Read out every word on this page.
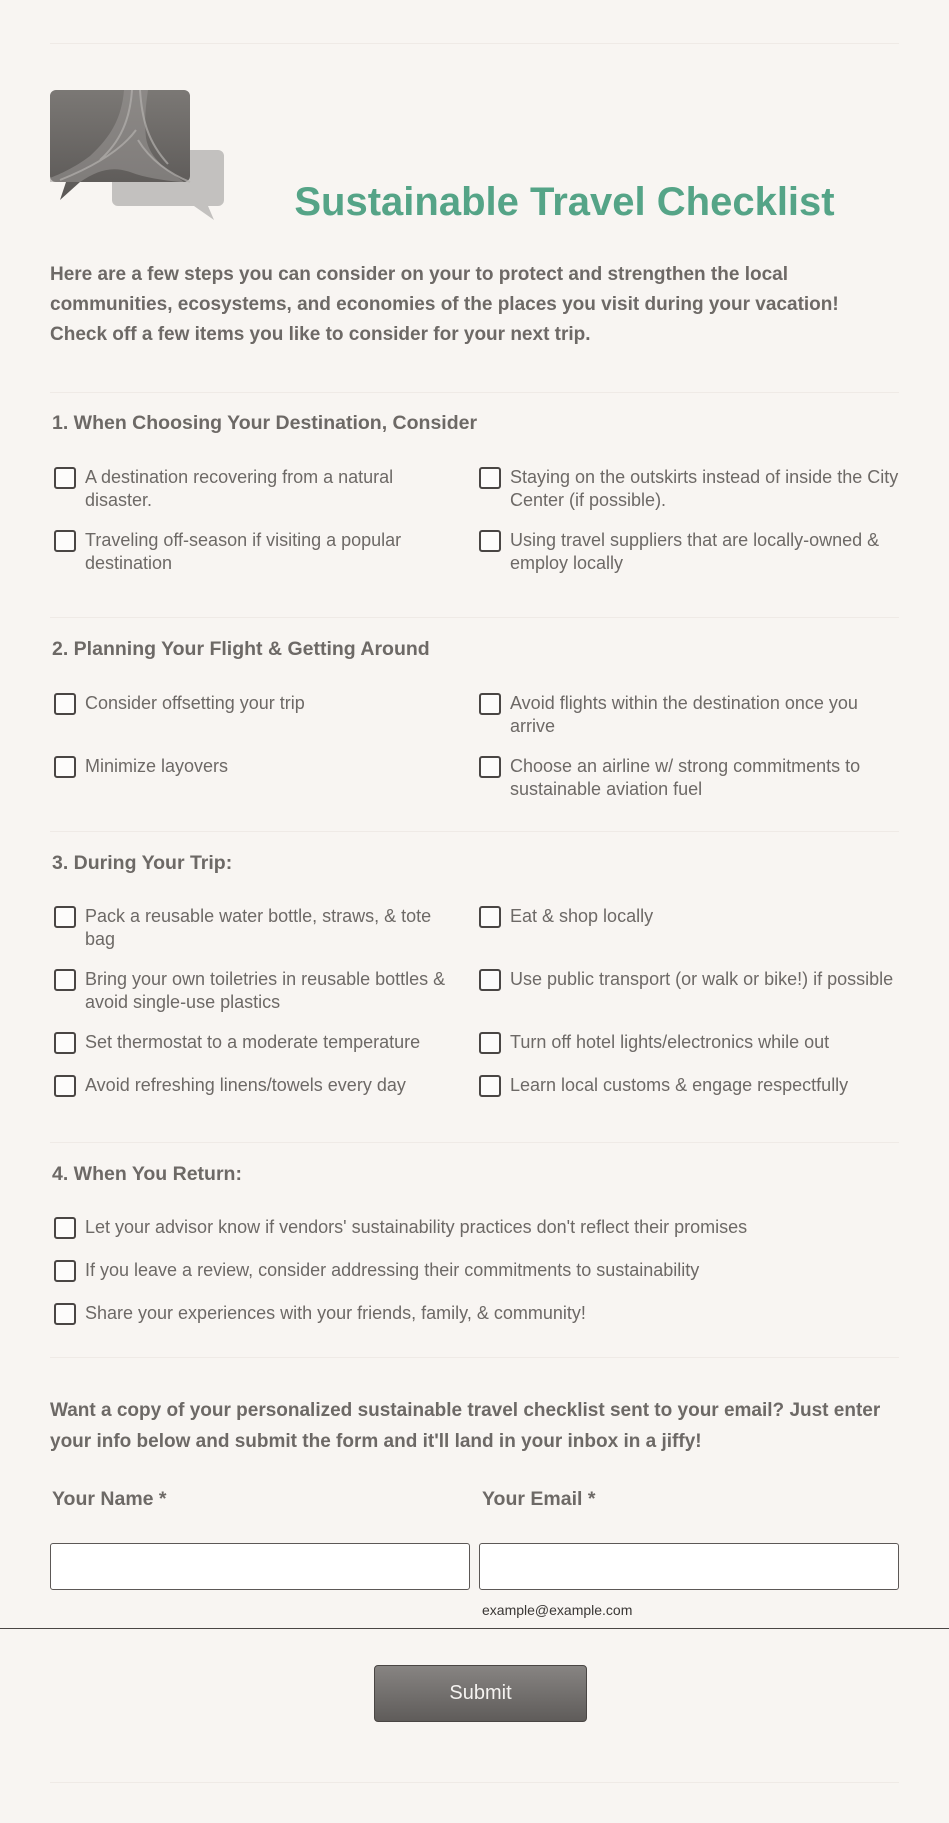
Sustainable Travel Checklist
Here are a few steps you can consider on your to protect and strengthen the local communities, ecosystems, and economies of the places you visit during your vacation! Check off a few items you like to consider for your next trip.
1. When Choosing Your Destination, Consider
A destination recovering from a natural disaster.
Staying on the outskirts instead of inside the City Center (if possible).
Traveling off-season if visiting a popular destination
Using travel suppliers that are locally-owned & employ locally
2. Planning Your Flight & Getting Around
Consider offsetting your trip	Avoid flights within the destination once you arrive
Minimize layovers	Choose an airline w/ strong commitments to sustainable aviation fuel
3. During Your Trip:
Pack a reusable water bottle, straws, & tote bag
Eat & shop locally
Bring your own toiletries in reusable bottles & avoid single-use plastics
Use public transport (or walk or bike!) if possible
Set thermostat to a moderate temperature	Turn off hotel lights/electronics while out
Avoid refreshing linens/towels every day	Learn local customs & engage respectfully
4. When You Return:
Let your advisor know if vendors' sustainability practices don't reflect their promises
If you leave a review, consider addressing their commitments to sustainability
Share your experiences with your friends, family, & community!
Want a copy of your personalized sustainable travel checklist sent to your email? Just enter your info below and submit the form and it'll land in your inbox in a jiffy!
Your Name *	Your Email *
example@example.com
Submit
